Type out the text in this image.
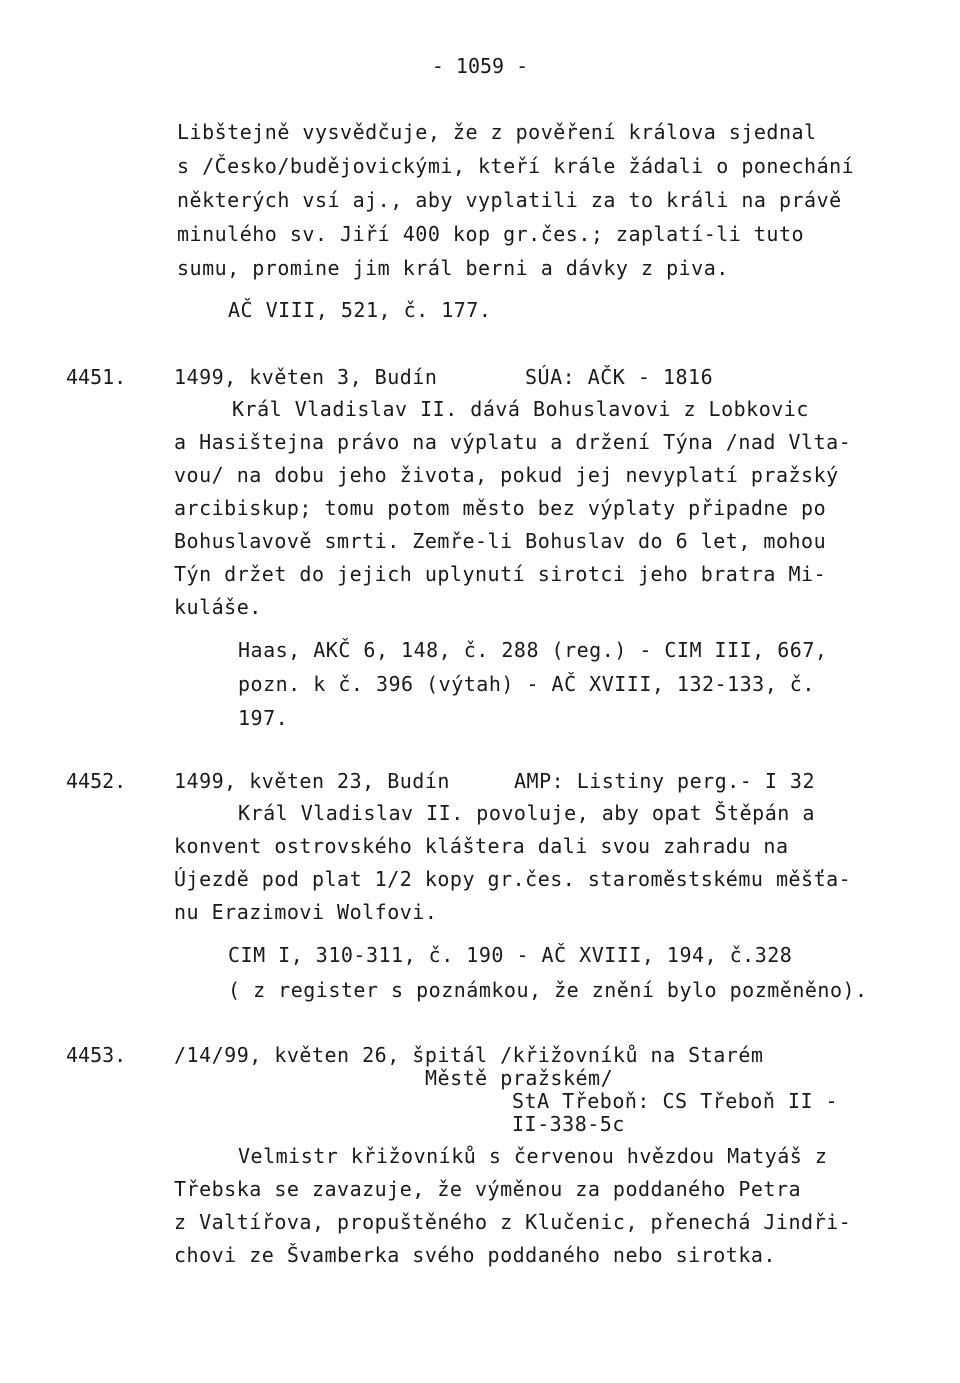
- 1059 -
Libštejně vysvědčuje, že z pověření králova sjednal
s /Česko/budějovickými, kteří krále žádali o ponechání
některých vsí aj., aby vyplatili za to králi na právě
minulého sv. Jiří 400 kop gr.čes.; zaplatí-li tuto
sumu, promine jim král berni a dávky z piva.
AČ VIII, 521, č. 177.
4451. 1499, květen 3, Budín	SÚA: AČK - 1816
Král Vladislav II. dává Bohuslavovi z Lobkovic
a Hasištejna právo na výplatu a držení Týna /nad Vlta-
vou/ na dobu jeho života, pokud jej nevyplatí pražský
arcibiskup; tomu potom město bez výplaty připadne po
Bohuslavově smrti. Zemře-li Bohuslav do 6 let, mohou
Týn držet do jejich uplynutí sirotci jeho bratra Mi-
kuláše.
Haas, AKČ 6, 148, č. 288 (reg.) - CIM III, 667,
pozn. k č. 396 (výtah) - AČ XVIII, 132-133, č.
197.
4452. 1499, květen 23, Budín	AMP: Listiny perg.- I 32
Král Vladislav II. povoluje, aby opat Štěpán a
konvent ostrovského kláštera dali svou zahradu na
Újezdě pod plat 1/2 kopy gr.čes. staroměstskému měšťa-
nu Erazimovi Wolfovi.
CIM I, 310-311, č. 190 - AČ XVIII, 194, č.328
( z register s poznámkou, že znění bylo pozměněno).
4453. /14/99, květen 26, špitál /křižovníků na Starém
Městě pražském/
StA Třeboň: CS Třeboň II -
II-338-5c
Velmistr křižovníků s červenou hvězdou Matyáš z
Třebska se zavazuje, že výměnou za poddaného Petra
z Valtířova, propuštěného z Klučenic, přenechá Jindři-
chovi ze Švamberka svého poddaného nebo sirotka.
